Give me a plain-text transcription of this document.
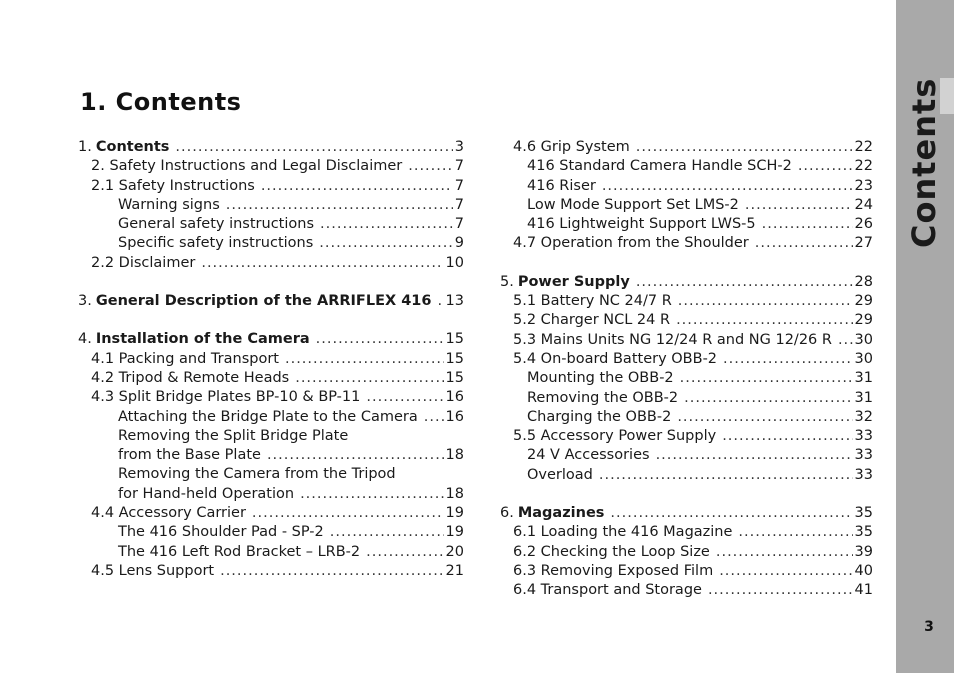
1. Contents
1. Contents .....	3
2. Safety Instructions and Legal Disclaimer .....	7
2.1 Safety Instructions .....	7
Warning signs .....	7
General safety instructions .....	7
Specific safety instructions .....	9
2.2 Disclaimer .....	10
3. General Description of the ARRIFLEX 416 ..... 13
4. Installation of the Camera .....	15
4.1 Packing and Transport .....	15
4.2 Tripod & Remote Heads .....	15
4.3 Split Bridge Plates BP-10 & BP-11 .....	16
Attaching the Bridge Plate to the Camera ..... 16
Removing the Split Bridge Plate
from the Base Plate .....	18
Removing the Camera from the Tripod
for Hand-held Operation .....	18
4.4 Accessory Carrier .....	19
The 416 Shoulder Pad - SP-2 .....	19
The 416 Left Rod Bracket – LRB-2 .....	20
4.5 Lens Support .....	21
4.6 Grip System .....	22
416 Standard Camera Handle SCH-2 .....	22
416 Riser .....	23
Low Mode Support Set LMS-2 .....	24
416 Lightweight Support LWS-5 .....	26
4.7 Operation from the Shoulder .....	27
5. Power Supply .....	28
5.1 Battery NC 24/7 R .....	29
5.2 Charger NCL 24 R .....	29
5.3 Mains Units NG 12/24 R and NG 12/26 R ..... 30
5.4 On-board Battery OBB-2 .....	30
Mounting the OBB-2 .....	31
Removing the OBB-2 .....	31
Charging the OBB-2 .....	32
5.5 Accessory Power Supply .....	33
24 V Accessories .....	33
Overload .....	33
6. Magazines .....	35
6.1 Loading the 416 Magazine .....	35
6.2 Checking the Loop Size .....	39
6.3 Removing Exposed Film .....	40
6.4 Transport and Storage .....	41
Contents
3
